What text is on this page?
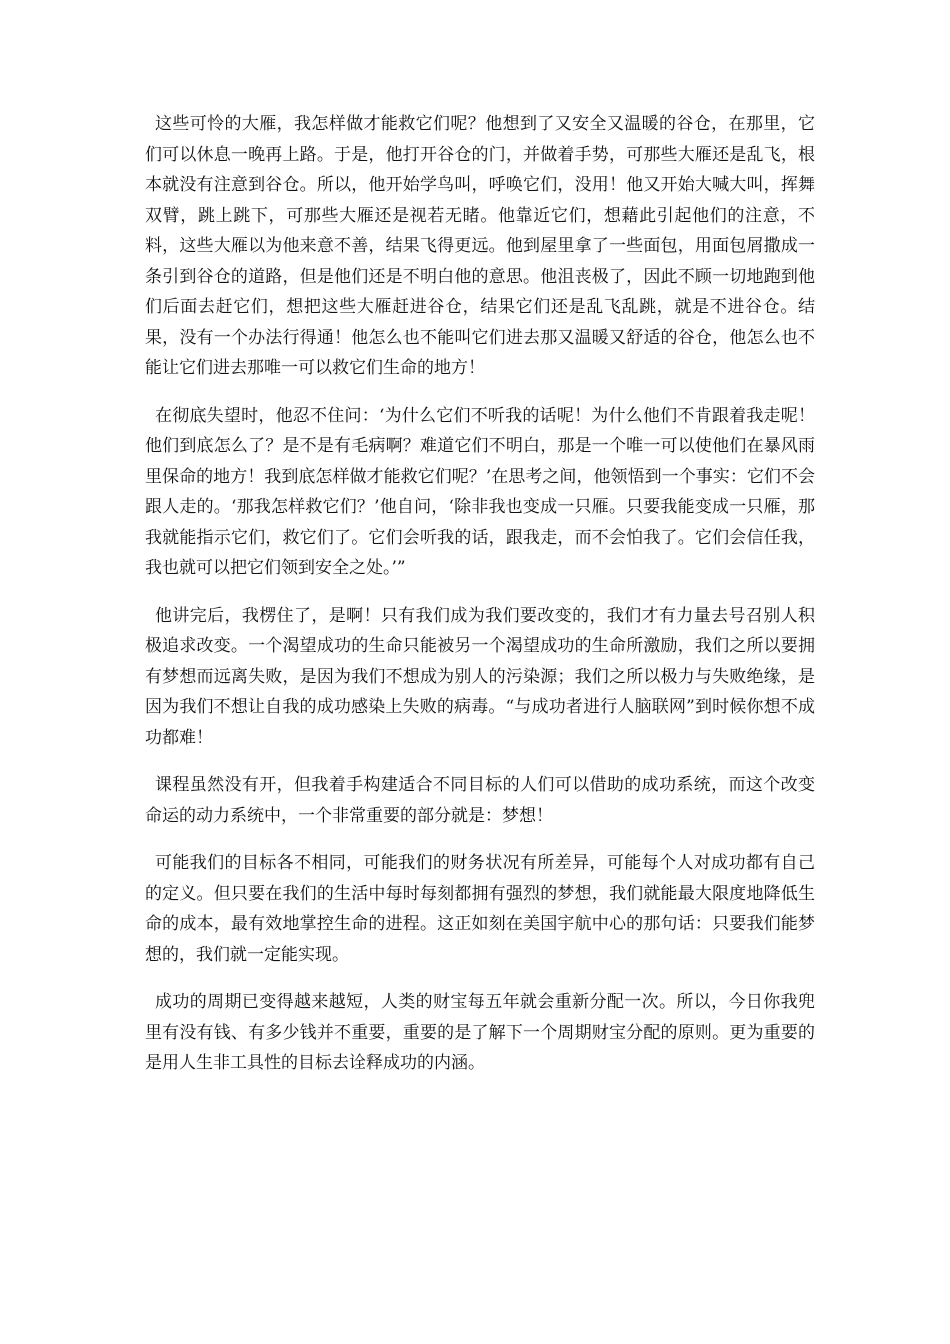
这些可怜的大雁，我怎样做才能救它们呢？他想到了又安全又温暖的谷仓，在那里，它们可以休息一晚再上路。于是，他打开谷仓的门，并做着手势，可那些大雁还是乱飞，根本就没有注意到谷仓。所以，他开始学鸟叫，呼唤它们，没用！他又开始大喊大叫，挥舞双臂，跳上跳下，可那些大雁还是视若无睹。他靠近它们，想藉此引起他们的注意，不料，这些大雁以为他来意不善，结果飞得更远。他到屋里拿了一些面包，用面包屑撒成一条引到谷仓的道路，但是他们还是不明白他的意思。他沮丧极了，因此不顾一切地跑到他们后面去赶它们，想把这些大雁赶进谷仓，结果它们还是乱飞乱跳，就是不进谷仓。结果，没有一个办法行得通！他怎么也不能叫它们进去那又温暖又舒适的谷仓，他怎么也不能让它们进去那唯一可以救它们生命的地方！

在彻底失望时，他忍不住问：‘为什么它们不听我的话呢！为什么他们不肯跟着我走呢！他们到底怎么了？是不是有毛病啊？难道它们不明白，那是一个唯一可以使他们在暴风雨里保命的地方！我到底怎样做才能救它们呢？’在思考之间，他领悟到一个事实：它们不会跟人走的。‘那我怎样救它们？’他自问，‘除非我也变成一只雁。只要我能变成一只雁，那我就能指示它们，救它们了。它们会听我的话，跟我走，而不会怕我了。它们会信任我，我也就可以把它们领到安全之处。’”

他讲完后，我楞住了，是啊！只有我们成为我们要改变的，我们才有力量去号召别人积极追求改变。一个渴望成功的生命只能被另一个渴望成功的生命所激励，我们之所以要拥有梦想而远离失败，是因为我们不想成为别人的污染源；我们之所以极力与失败绝缘，是因为我们不想让自我的成功感染上失败的病毒。“与成功者进行人脑联网”到时候你想不成功都难！

课程虽然没有开，但我着手构建适合不同目标的人们可以借助的成功系统，而这个改变命运的动力系统中，一个非常重要的部分就是：梦想！

可能我们的目标各不相同，可能我们的财务状况有所差异，可能每个人对成功都有自己的定义。但只要在我们的生活中每时每刻都拥有强烈的梦想，我们就能最大限度地降低生命的成本，最有效地掌控生命的进程。这正如刻在美国宇航中心的那句话：只要我们能梦想的，我们就一定能实现。

成功的周期已变得越来越短，人类的财宝每五年就会重新分配一次。所以，今日你我兜里有没有钱、有多少钱并不重要，重要的是了解下一个周期财宝分配的原则。更为重要的是用人生非工具性的目标去诠释成功的内涵。
